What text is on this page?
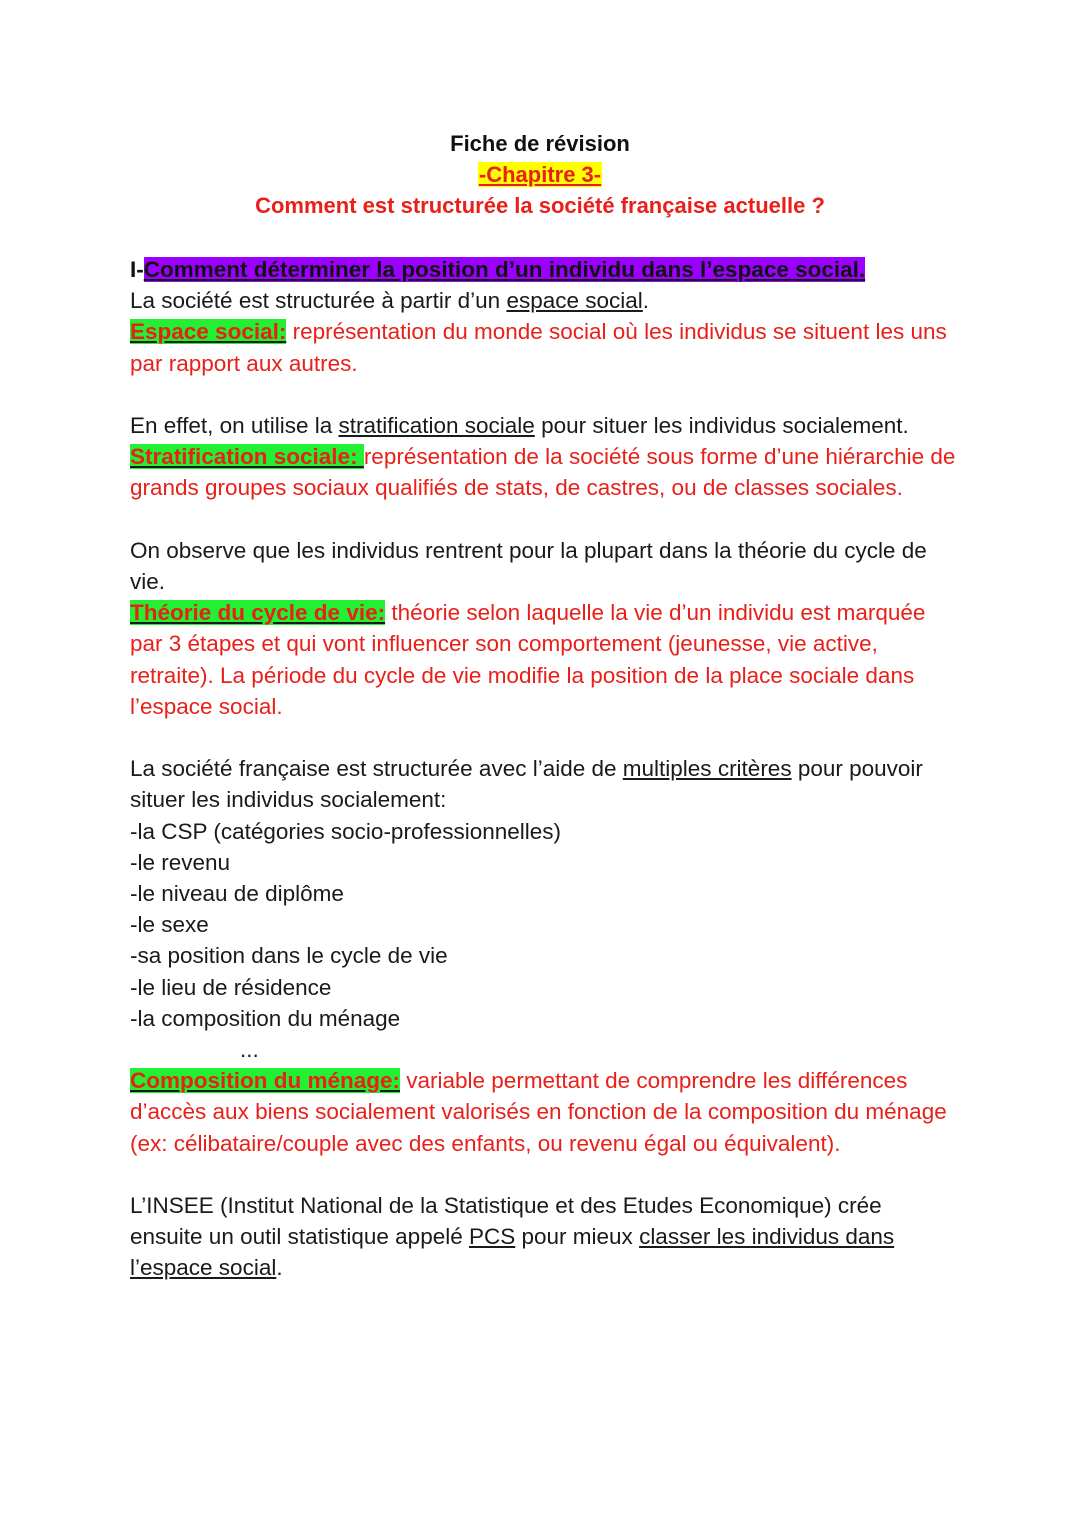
Fiche de révision
-Chapitre 3-
Comment est structurée la société française actuelle ?

I-Comment déterminer la position d’un individu dans l’espace social.

La société est structurée à partir d’un espace social.

Espace social: représentation du monde social où les individus se situent les uns par rapport aux autres.

En effet, on utilise la stratification sociale pour situer les individus socialement.

Stratification sociale: représentation de la société sous forme d’une hiérarchie de grands groupes sociaux qualifiés de stats, de castres, ou de classes sociales.

On observe que les individus rentrent pour la plupart dans la théorie du cycle de vie.

Théorie du cycle de vie: théorie selon laquelle la vie d’un individu est marquée par 3 étapes et qui vont influencer son comportement (jeunesse, vie active, retraite). La période du cycle de vie modifie la position de la place sociale dans l’espace social.

La société française est structurée avec l’aide de multiples critères pour pouvoir situer les individus socialement:

-la CSP (catégories socio-professionnelles)

-le revenu

-le niveau de diplôme

-le sexe

-sa position dans le cycle de vie

-le lieu de résidence

-la composition du ménage

...

Composition du ménage: variable permettant de comprendre les différences d’accès aux biens socialement valorisés en fonction de la composition du ménage (ex: célibataire/couple avec des enfants, ou revenu égal ou équivalent).

L’INSEE (Institut National de la Statistique et des Etudes Economique) crée ensuite un outil statistique appelé PCS pour mieux classer les individus dans l’espace social.
